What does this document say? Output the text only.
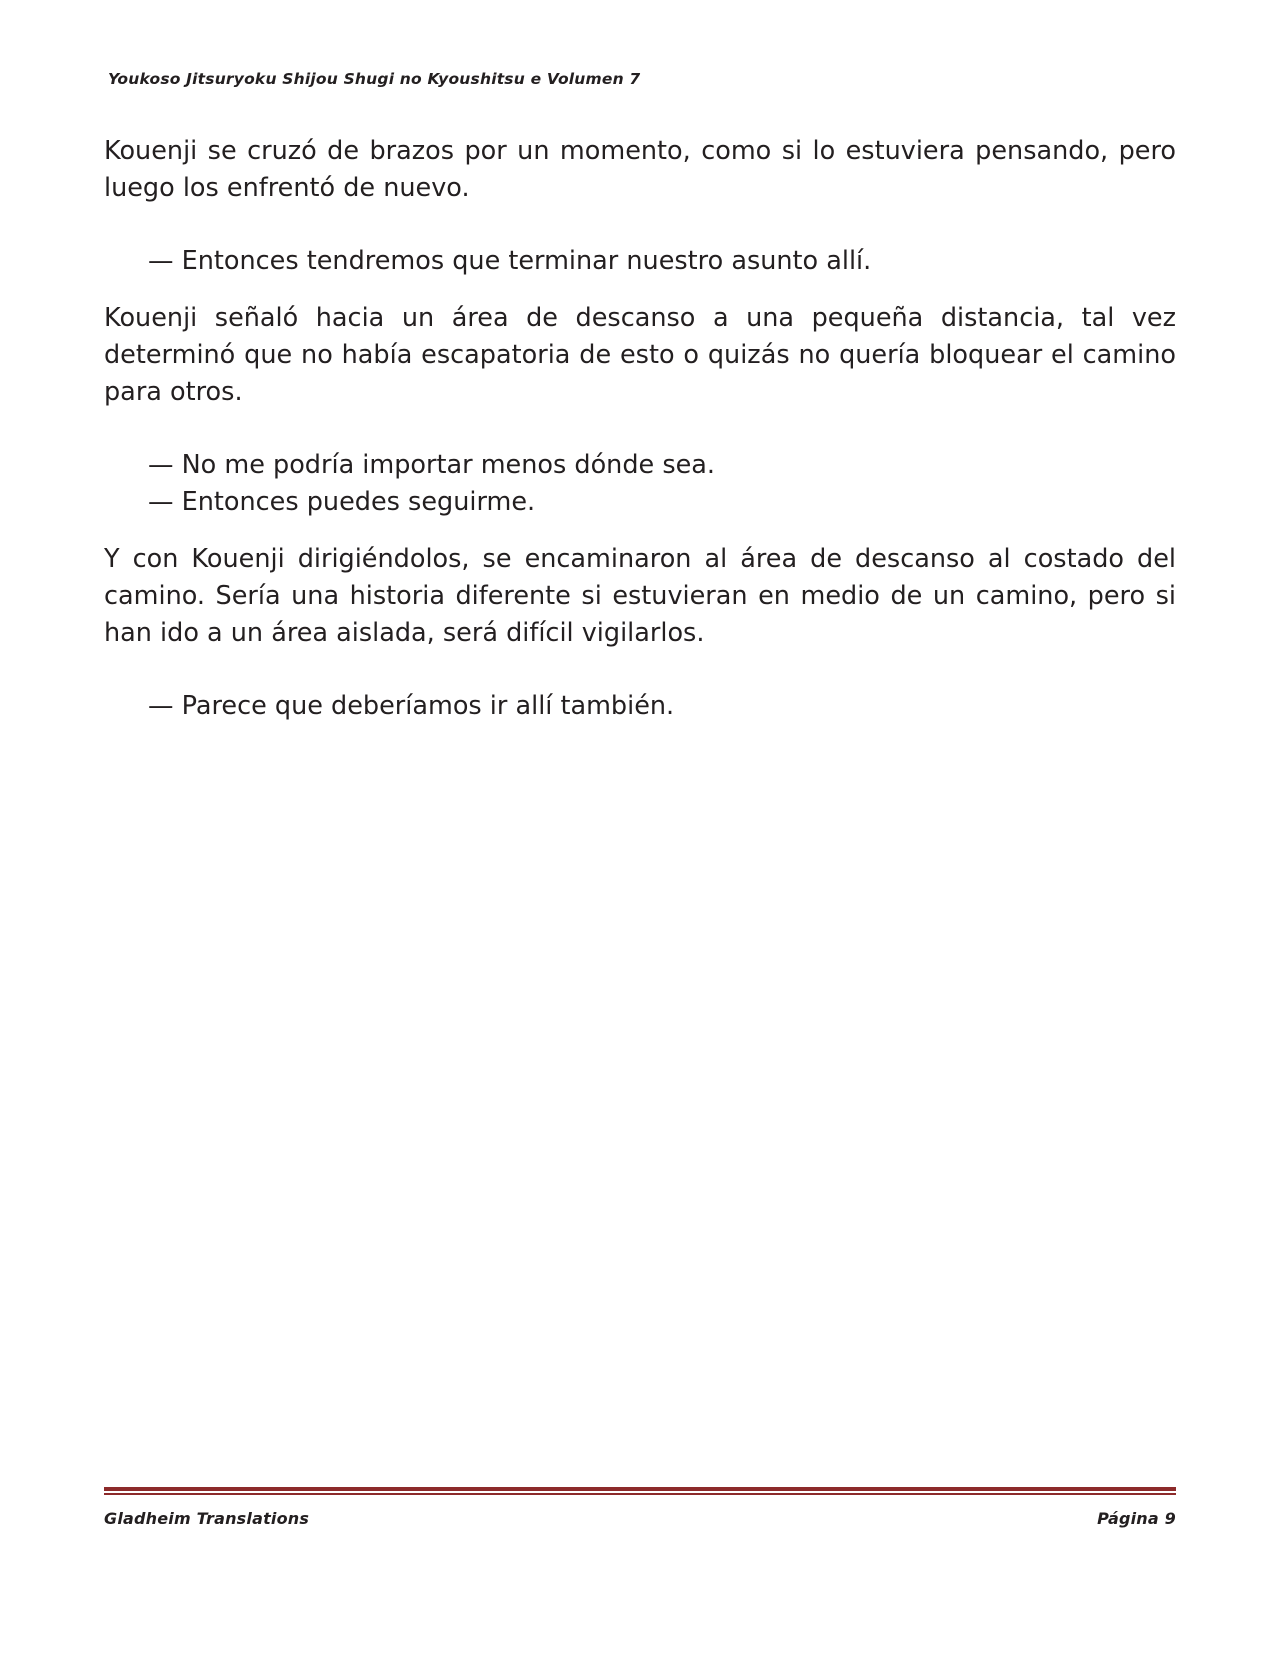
Youkoso Jitsuryoku Shijou Shugi no Kyoushitsu e Volumen 7

Kouenji se cruzó de brazos por un momento, como si lo estuviera pensando, pero luego los enfrentó de nuevo.

— Entonces tendremos que terminar nuestro asunto allí.

Kouenji señaló hacia un área de descanso a una pequeña distancia, tal vez determinó que no había escapatoria de esto o quizás no quería bloquear el camino para otros.

— No me podría importar menos dónde sea.

— Entonces puedes seguirme.

Y con Kouenji dirigiéndolos, se encaminaron al área de descanso al costado del camino. Sería una historia diferente si estuvieran en medio de un camino, pero si han ido a un área aislada, será difícil vigilarlos.

— Parece que deberíamos ir allí también.

Gladheim Translations	Página 9
